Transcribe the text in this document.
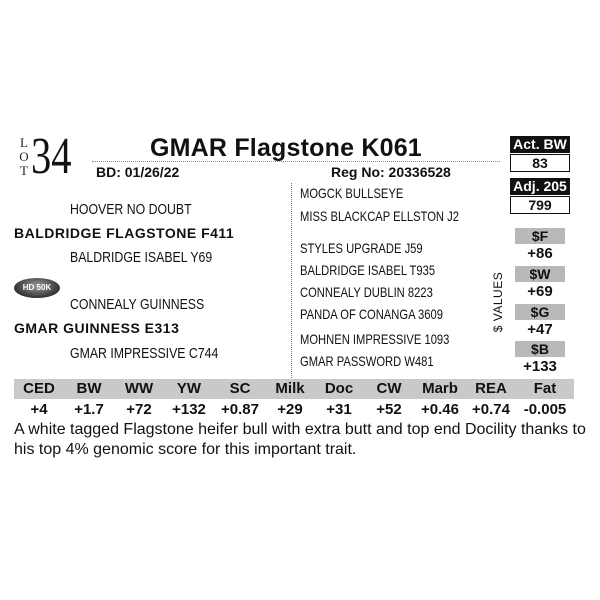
L
O
T 34	GMAR Flagstone K061
BD: 01/26/22	Reg No: 20336528
HOOVER NO DOUBT
BALDRIDGE FLAGSTONE F411
BALDRIDGE ISABEL Y69
HD 50K
CONNEALY GUINNESS
GMAR GUINNESS E313
GMAR IMPRESSIVE C744
MOGCK BULLSEYE
MISS BLACKCAP ELLSTON J2
STYLES UPGRADE J59
BALDRIDGE ISABEL T935
CONNEALY DUBLIN 8223
PANDA OF CONANGA 3609
MOHNEN IMPRESSIVE 1093
GMAR PASSWORD W481
Act. BW
83
Adj. 205
799
$ VALUES
$F
+86
$W
+69
$G
+47
$B
+133
CED	BW	WW	YW	SC	Milk	Doc	CW	Marb	REA	Fat
+4	+1.7	+72	+132	+0.87	+29	+31	+52	+0.46 +0.74 -0.005
A white tagged Flagstone heifer bull with extra butt and top end Docility thanks to his top 4% genomic score for this important trait.
